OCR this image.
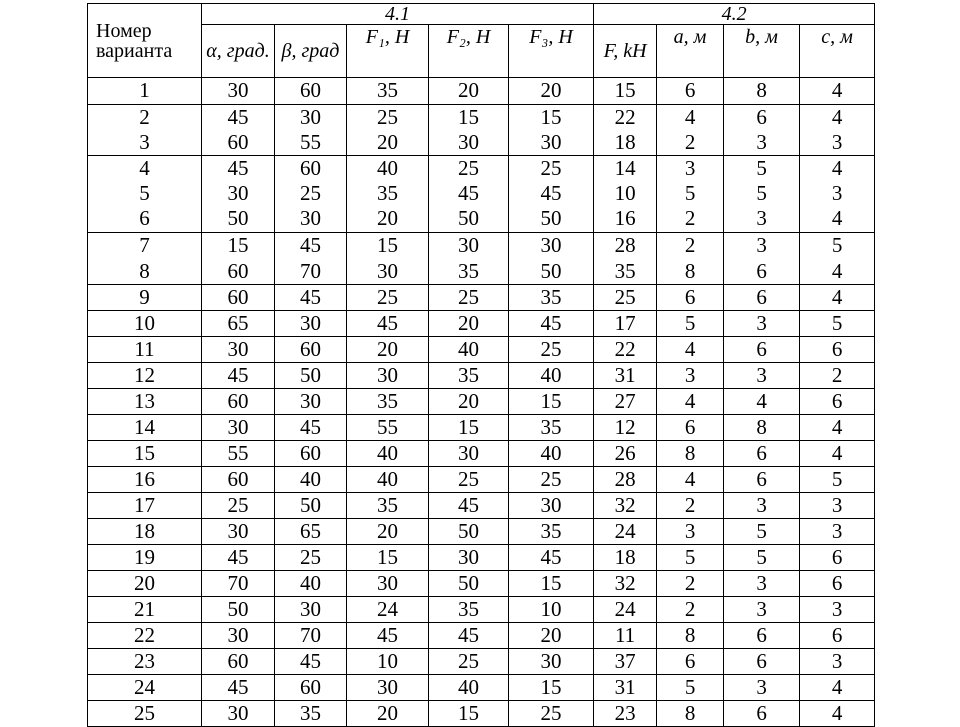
Номер варианта	4.1					4.2			
	α, град.	β, град	F₁, Н	F₂, Н	F₃, Н	F, kН	a, м	b, м	c, м
1	30	60	35	20	20	15	6	8	4
2	45	30	25	15	15	22	4	6	4
3	60	55	20	30	30	18	2	3	3
4	45	60	40	25	25	14	3	5	4
5	30	25	35	45	45	10	5	5	3
6	50	30	20	50	50	16	2	3	4
7	15	45	15	30	30	28	2	3	5
8	60	70	30	35	50	35	8	6	4
9	60	45	25	25	35	25	6	6	4
10	65	30	45	20	45	17	5	3	5
11	30	60	20	40	25	22	4	6	6
12	45	50	30	35	40	31	3	3	2
13	60	30	35	20	15	27	4	4	6
14	30	45	55	15	35	12	6	8	4
15	55	60	40	30	40	26	8	6	4
16	60	40	40	25	25	28	4	6	5
17	25	50	35	45	30	32	2	3	3
18	30	65	20	50	35	24	3	5	3
19	45	25	15	30	45	18	5	5	6
20	70	40	30	50	15	32	2	3	6
21	50	30	24	35	10	24	2	3	3
22	30	70	45	45	20	11	8	6	6
23	60	45	10	25	30	37	6	6	3
24	45	60	30	40	15	31	5	3	4
25	30	35	20	15	25	23	8	6	4
